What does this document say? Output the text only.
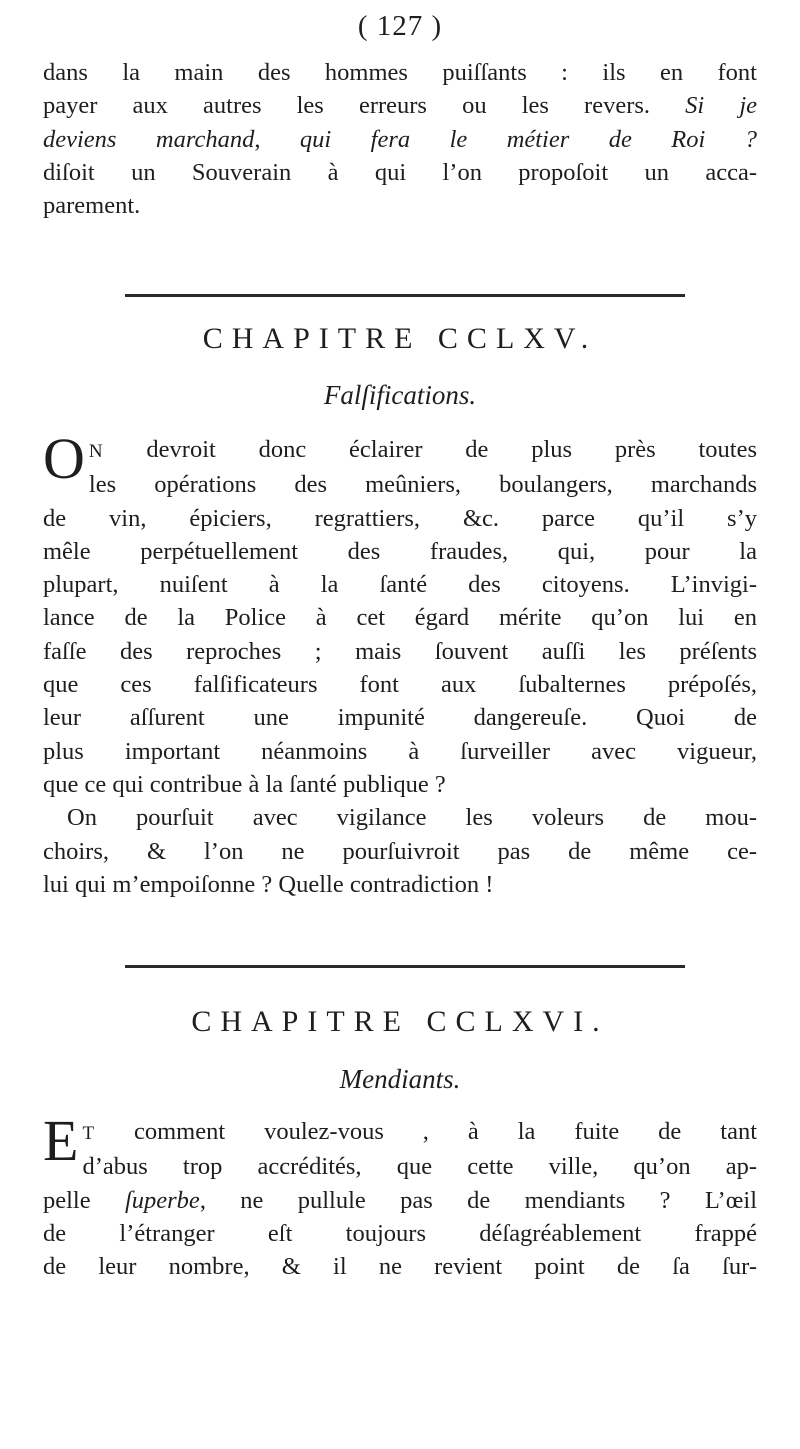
( 127 )
dans la main des hommes puiſſants : ils en font
payer aux autres les erreurs ou les revers. Si je
deviens marchand, qui fera le métier de Roi ?
diſoit un Souverain à qui l’on propoſoit un acca-
parement.
CHAPITRE CCLXV.
Falſifications.
O N devroit donc éclairer de plus près toutes
les opérations des meûniers, boulangers, marchands
de vin, épiciers, regrattiers, &c. parce qu’il s’y
mêle perpétuellement des fraudes, qui, pour la
plupart, nuiſent à la ſanté des citoyens. L’invigi-
lance de la Police à cet égard mérite qu’on lui en
faſſe des reproches ; mais ſouvent auſſi les préſents
que ces falſificateurs font aux ſubalternes prépoſés,
leur aſſurent une impunité dangereuſe. Quoi de
plus important néanmoins à ſurveiller avec vigueur,
que ce qui contribue à la ſanté publique ?
On pourſuit avec vigilance les voleurs de mou-
choirs, & l’on ne pourſuivroit pas de même ce-
lui qui m’empoiſonne ? Quelle contradiction !
CHAPITRE CCLXVI.
Mendiants.
E T comment voulez-vous , à la fuite de tant
d’abus trop accrédités, que cette ville, qu’on ap-
pelle ſuperbe, ne pullule pas de mendiants ? L’œil
de l’étranger eſt toujours déſagréablement frappé
de leur nombre, & il ne revient point de ſa ſur-
